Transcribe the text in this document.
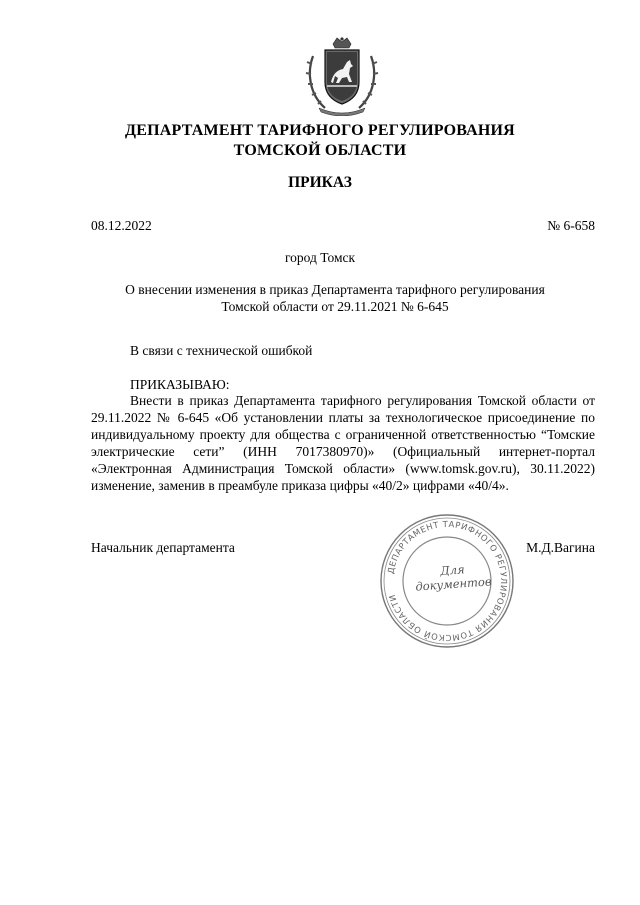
ДЕПАРТАМЕНТ ТАРИФНОГО РЕГУЛИРОВАНИЯ
ТОМСКОЙ ОБЛАСТИ
ПРИКАЗ
08.12.2022	№ 6-658
город Томск
О внесении изменения в приказ Департамента тарифного регулирования
Томской области от 29.11.2021 № 6-645
В связи с технической ошибкой
ПРИКАЗЫВАЮ:
Внести в приказ Департамента тарифного регулирования Томской области от 29.11.2022 № 6-645 «Об установлении платы за технологическое присоединение по индивидуальному проекту для общества с ограниченной ответственностью “Томские электрические сети” (ИНН 7017380970)» (Официальный интернет-портал «Электронная Администрация Томской области» (www.tomsk.gov.ru), 30.11.2022) изменение, заменив в преамбуле приказа цифры «40/2» цифрами «40/4».
Начальник департамента	М.Д.Вагина
ДЕПАРТАМЕНТ ТАРИФНОГО РЕГУЛИРОВАНИЯ ТОМСКОЙ ОБЛАСТИ
Для
документов
